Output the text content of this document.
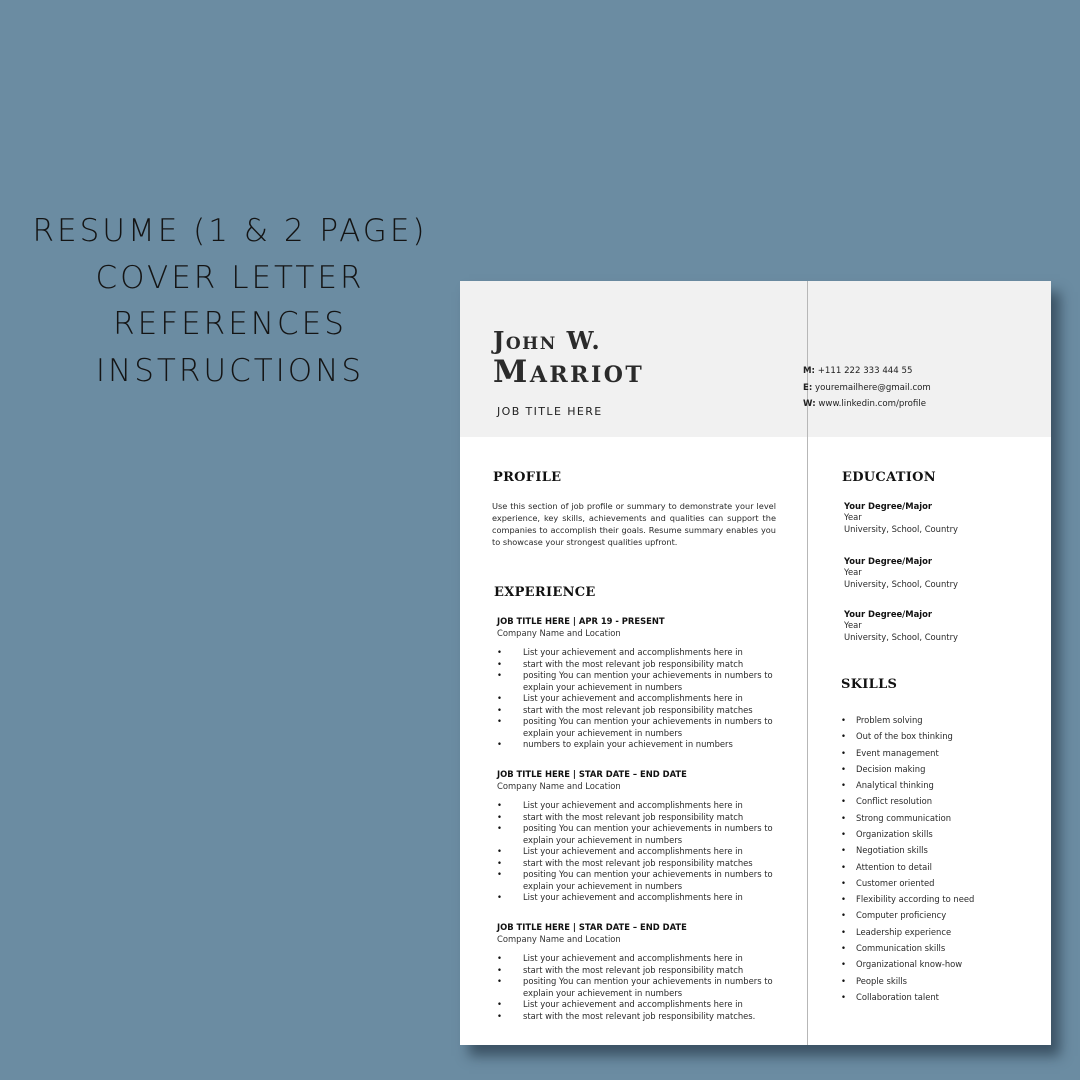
RESUME (1 & 2 PAGE)
COVER LETTER
REFERENCES
INSTRUCTIONS
John W.
Marriot
JOB TITLE HERE
M: +111 222 333 444 55
E: youremailhere@gmail.com
W: www.linkedin.com/profile
PROFILE
Use this section of job profile or summary to demonstrate your level experience, key skills, achievements and qualities can support the companies to accomplish their goals. Resume summary enables you to showcase your strongest qualities upfront.
EXPERIENCE
JOB TITLE HERE | APR 19 - PRESENT
Company Name and Location
• List your achievement and accomplishments here in
• start with the most relevant job responsibility match
• positing You can mention your achievements in numbers to explain your achievement in numbers
• List your achievement and accomplishments here in
• start with the most relevant job responsibility matches
• positing You can mention your achievements in numbers to explain your achievement in numbers
• numbers to explain your achievement in numbers
JOB TITLE HERE | STAR DATE – END DATE
Company Name and Location
• List your achievement and accomplishments here in
• start with the most relevant job responsibility match
• positing You can mention your achievements in numbers to explain your achievement in numbers
• List your achievement and accomplishments here in
• start with the most relevant job responsibility matches
• positing You can mention your achievements in numbers to explain your achievement in numbers
• List your achievement and accomplishments here in
JOB TITLE HERE | STAR DATE – END DATE
Company Name and Location
• List your achievement and accomplishments here in
• start with the most relevant job responsibility match
• positing You can mention your achievements in numbers to explain your achievement in numbers
• List your achievement and accomplishments here in
• start with the most relevant job responsibility matches.
EDUCATION
Your Degree/Major
Year
University, School, Country
Your Degree/Major
Year
University, School, Country
Your Degree/Major
Year
University, School, Country
SKILLS
• Problem solving
• Out of the box thinking
• Event management
• Decision making
• Analytical thinking
• Conflict resolution
• Strong communication
• Organization skills
• Negotiation skills
• Attention to detail
• Customer oriented
• Flexibility according to need
• Computer proficiency
• Leadership experience
• Communication skills
• Organizational know-how
• People skills
• Collaboration talent
